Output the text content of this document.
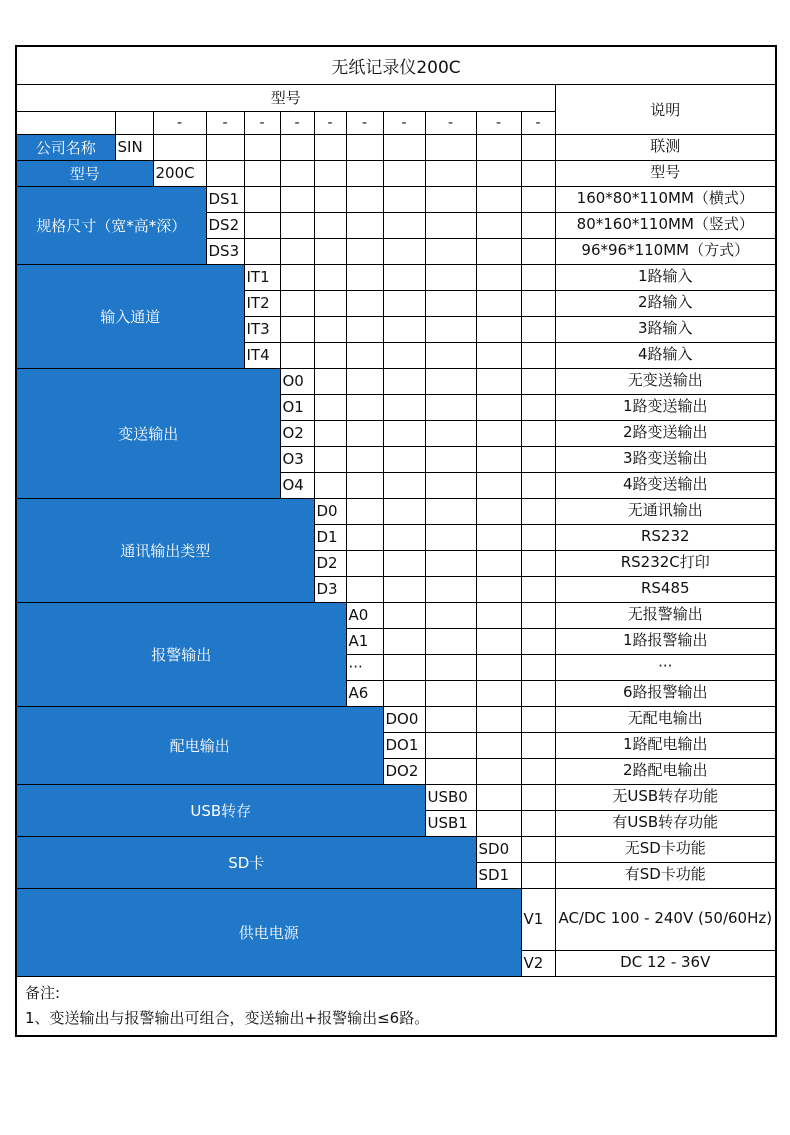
无纸记录仪200C												
型号												说明
		-	-	-	-	-	-	-	-	-	-	
公司名称	SIN											联测
型号		200C										型号
规格尺寸（宽*高*深）			DS1									160*80*110MM（横式）
			DS2									80*160*110MM（竖式）
			DS3									96*96*110MM（方式）
输入通道				IT1								1路输入
				IT2								2路输入
				IT3								3路输入
				IT4								4路输入
变送输出					O0							无变送输出
					O1							1路变送输出
					O2							2路变送输出
					O3							3路变送输出
					O4							4路变送输出
通讯输出类型						D0						无通讯输出
						D1						RS232
						D2						RS232C打印
						D3						RS485
报警输出							A0					无报警输出
							A1					1路报警输出
							···					···
							A6					6路报警输出
配电输出								DO0				无配电输出
								DO1				1路配电输出
								DO2				2路配电输出
USB转存									USB0			无USB转存功能
									USB1			有USB转存功能
SD卡										SD0		无SD卡功能
										SD1		有SD卡功能
供电电源											V1	AC/DC 100 - 240V (50/60Hz)
											V2	DC 12 - 36V

备注:
1、变送输出与报警输出可组合，变送输出+报警输出≤6路。												
